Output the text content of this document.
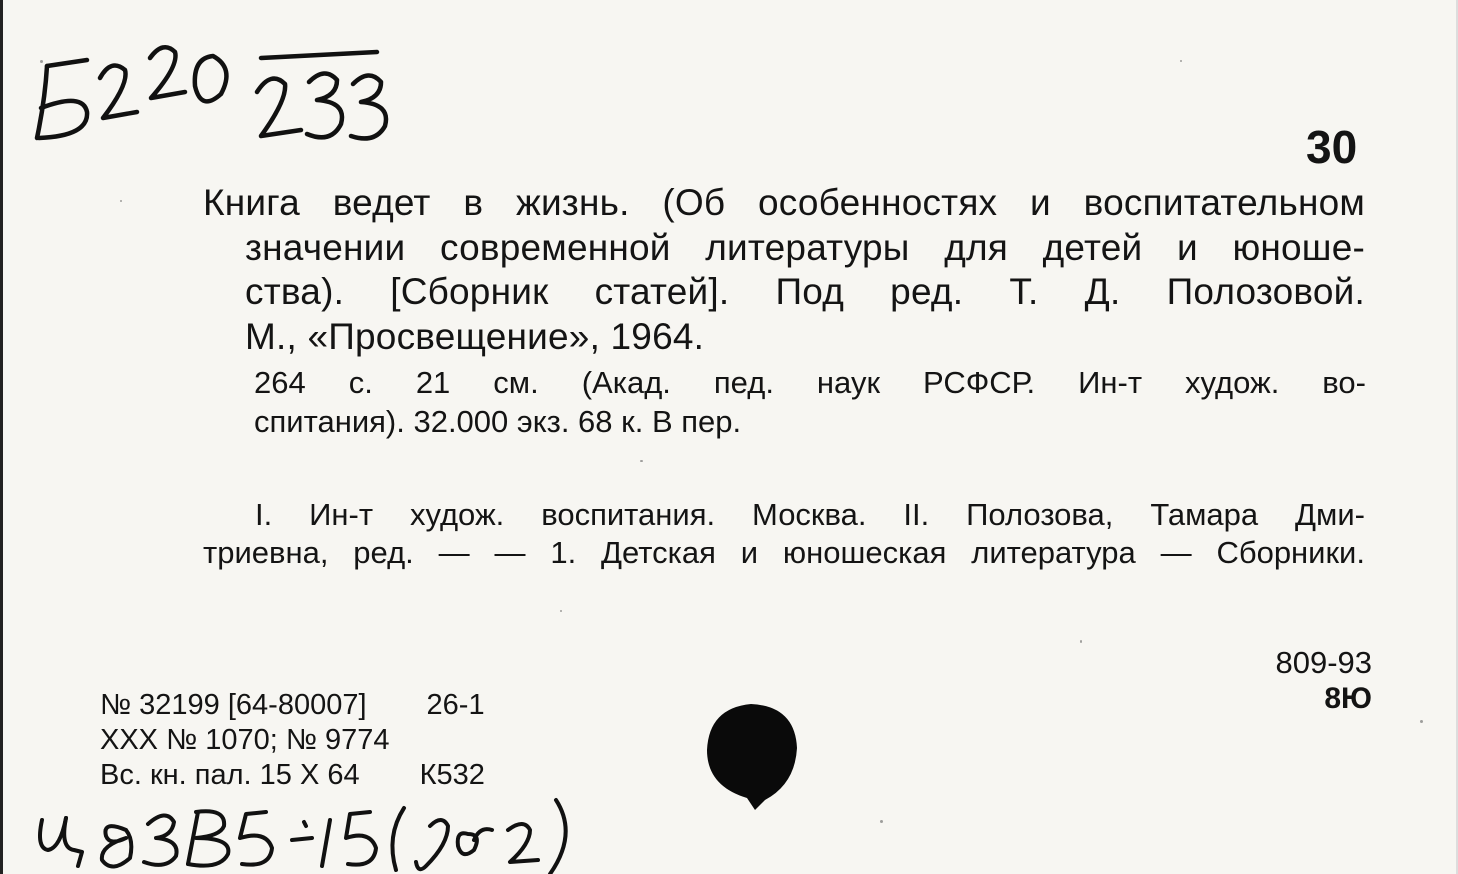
30
Книга ведет в жизнь. (Об особенностях и воспитательном
значении современной литературы для детей и юноше-
ства). [Сборник статей]. Под ред. Т. Д. Полозовой.
М., «Просвещение», 1964.
264 с. 21 см. (Акад. пед. наук РСФСР. Ин-т худож. во-
спитания). 32.000 экз. 68 к. В пер.
I. Ин-т худож. воспитания. Москва. II. Полозова, Тамара Дми-
триевна, ред. — — 1. Детская и юношеская литература — Сборники.
809-93
8Ю
№ 32199 [64-80007] 26-1
XXX № 1070; № 9774
Вс. кн. пал. 15 X 64 К532
